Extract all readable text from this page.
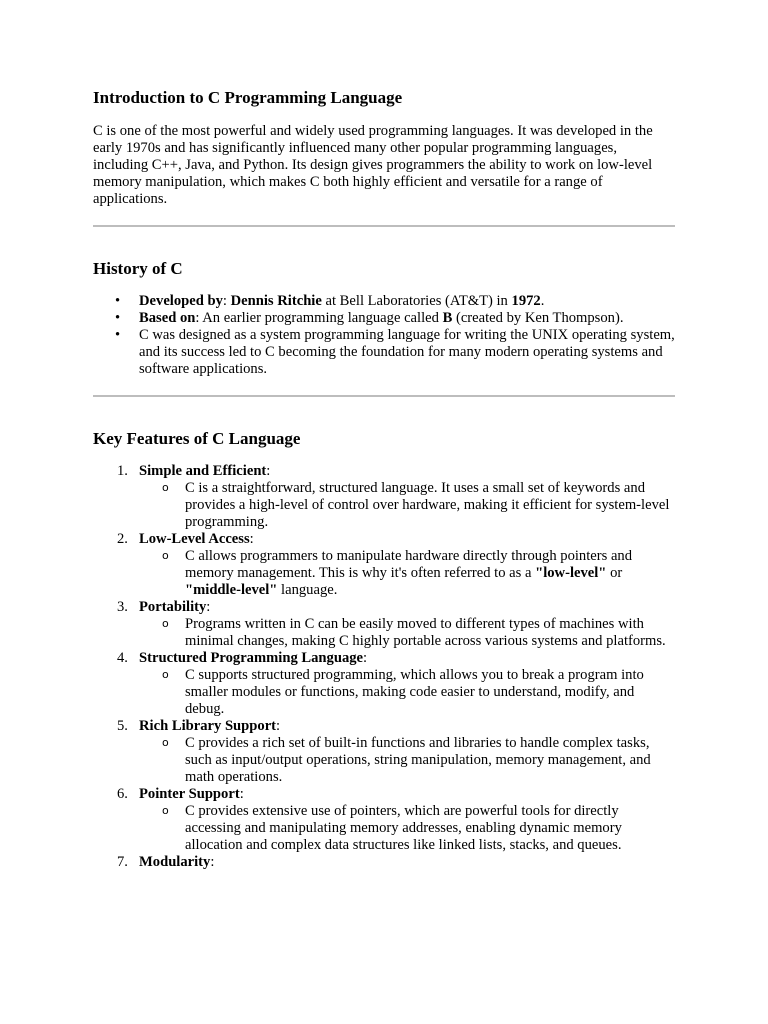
Introduction to C Programming Language

C is one of the most powerful and widely used programming languages. It was developed in the early 1970s and has significantly influenced many other popular programming languages, including C++, Java, and Python. Its design gives programmers the ability to work on low-level memory manipulation, which makes C both highly efficient and versatile for a range of applications.

History of C
• Developed by: Dennis Ritchie at Bell Laboratories (AT&T) in 1972.
• Based on: An earlier programming language called B (created by Ken Thompson).
• C was designed as a system programming language for writing the UNIX operating system, and its success led to C becoming the foundation for many modern operating systems and software applications.
Key Features of C Language
1. Simple and Efficient:
o C is a straightforward, structured language. It uses a small set of keywords and provides a high-level of control over hardware, making it efficient for system-level programming.
2. Low-Level Access:
o C allows programmers to manipulate hardware directly through pointers and memory management. This is why it's often referred to as a "low-level" or "middle-level" language.
3. Portability:
o Programs written in C can be easily moved to different types of machines with minimal changes, making C highly portable across various systems and platforms.
4. Structured Programming Language:
o C supports structured programming, which allows you to break a program into smaller modules or functions, making code easier to understand, modify, and debug.
5. Rich Library Support:
o C provides a rich set of built-in functions and libraries to handle complex tasks, such as input/output operations, string manipulation, memory management, and math operations.
6. Pointer Support:
o C provides extensive use of pointers, which are powerful tools for directly accessing and manipulating memory addresses, enabling dynamic memory allocation and complex data structures like linked lists, stacks, and queues.
7. Modularity:
